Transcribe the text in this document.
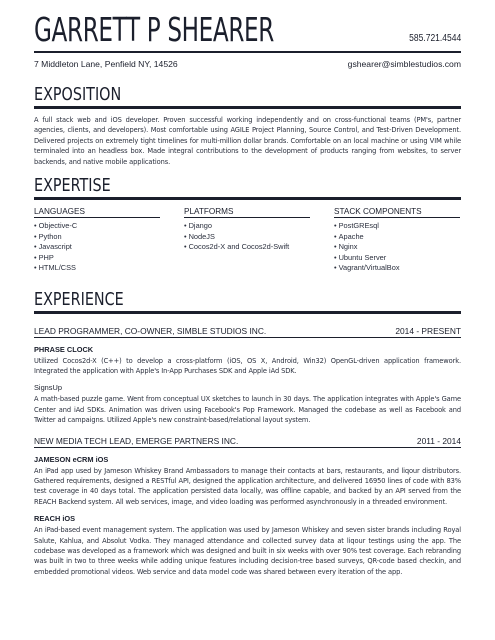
GARRETT P SHEARER	585.721.4544
7 Middleton Lane, Penfield NY, 14526	gshearer@simblestudios.com
EXPOSITION
A full stack web and iOS developer. Proven successful working independently and on cross-functional teams (PM's, partner agencies, clients, and developers). Most comfortable using AGILE Project Planning, Source Control, and Test-Driven Development. Delivered projects on extremely tight timelines for multi-million dollar brands. Comfortable on an local machine or using VIM while terminaled into an headless box. Made integral contributions to the development of products ranging from websites, to server backends, and native mobile applications.
EXPERTISE
LANGUAGES
• Objective-C
• Python
• Javascript
• PHP
• HTML/CSS
PLATFORMS
• Django
• NodeJS
• Cocos2d-X and Cocos2d-Swift
STACK COMPONENTS
• PostGREsql
• Apache
• Nginx
• Ubuntu Server
• Vagrant/VirtualBox
EXPERIENCE
LEAD PROGRAMMER, CO-OWNER, SIMBLE STUDIOS INC.	2014 - PRESENT
PHRASE CLOCK
Utilized Cocos2d-X (C++) to develop a cross-platform (iOS, OS X, Android, Win32) OpenGL-driven application framework. Integrated the application with Apple's In-App Purchases SDK and Apple iAd SDK.
SignsUp
A math-based puzzle game. Went from conceptual UX sketches to launch in 30 days. The application integrates with Apple's Game Center and iAd SDKs. Animation was driven using Facebook's Pop Framework. Managed the codebase as well as Facebook and Twitter ad campaigns. Utilized Apple's new constraint-based/relational layout system.
NEW MEDIA TECH LEAD, EMERGE PARTNERS INC.	2011 - 2014
JAMESON eCRM iOS
An iPad app used by Jameson Whiskey Brand Ambassadors to manage their contacts at bars, restaurants, and liqour distributors. Gathered requirements, designed a RESTful API, designed the application architecture, and delivered 16950 lines of code with 83% test coverage in 40 days total. The application persisted data locally, was offline capable, and backed by an API served from the REACH Backend system. All web services, image, and video loading was performed asynchronously in a threaded environment.
REACH iOS
An iPad-based event management system. The application was used by Jameson Whiskey and seven sister brands including Royal Salute, Kahlua, and Absolut Vodka. They managed attendance and collected survey data at liqour testings using the app. The codebase was developed as a framework which was designed and built in six weeks with over 90% test coverage. Each rebranding was built in two to three weeks while adding unique features including decision-tree based surveys, QR-code based checkin, and embedded promotional videos. Web service and data model code was shared between every iteration of the app.
